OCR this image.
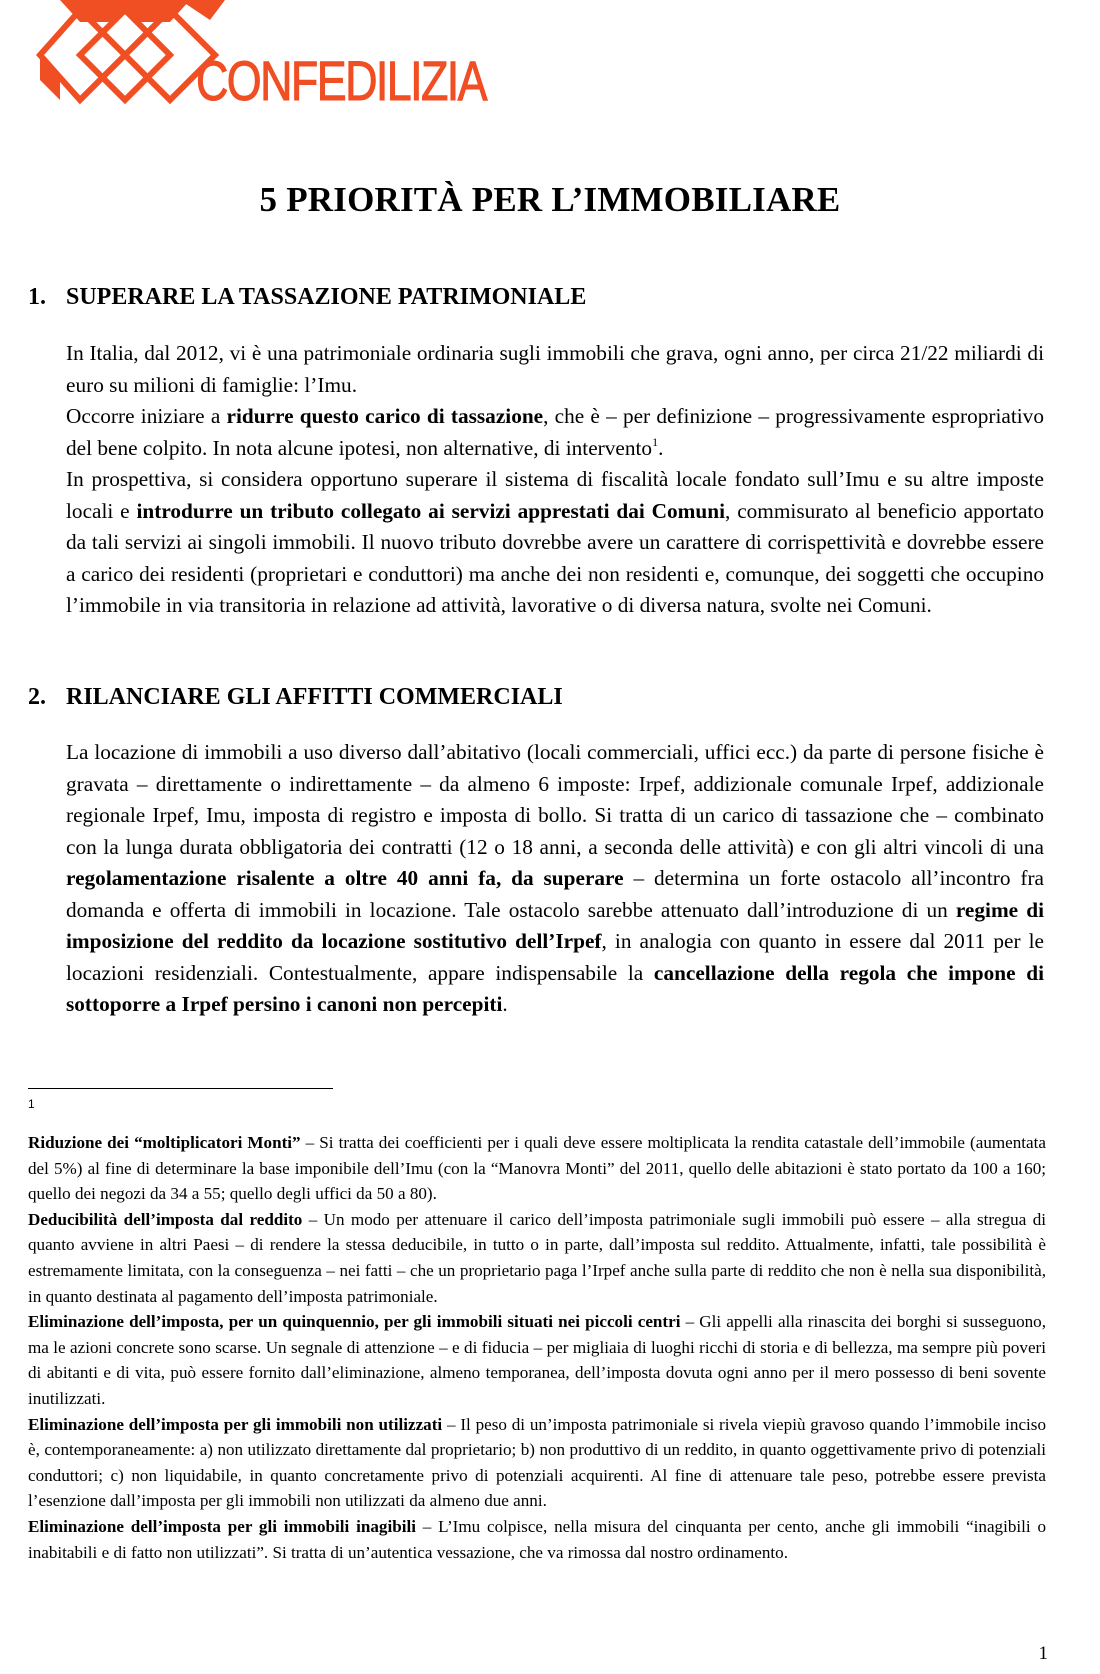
CONFEDILIZIA
5 PRIORITÀ PER L’IMMOBILIARE
1. SUPERARE LA TASSAZIONE PATRIMONIALE

In Italia, dal 2012, vi è una patrimoniale ordinaria sugli immobili che grava, ogni anno, per circa 21/22 miliardi di euro su milioni di famiglie: l’Imu.

Occorre iniziare a ridurre questo carico di tassazione, che è – per definizione – progressivamente espropriativo del bene colpito. In nota alcune ipotesi, non alternative, di intervento$^1$.

In prospettiva, si considera opportuno superare il sistema di fiscalità locale fondato sull’Imu e su altre imposte locali e introdurre un tributo collegato ai servizi apprestati dai Comuni, commisurato al beneficio apportato da tali servizi ai singoli immobili. Il nuovo tributo dovrebbe avere un carattere di corrispettività e dovrebbe essere a carico dei residenti (proprietari e conduttori) ma anche dei non residenti e, comunque, dei soggetti che occupino l’immobile in via transitoria in relazione ad attività, lavorative o di diversa natura, svolte nei Comuni.

2. RILANCIARE GLI AFFITTI COMMERCIALI

La locazione di immobili a uso diverso dall’abitativo (locali commerciali, uffici ecc.) da parte di persone fisiche è gravata – direttamente o indirettamente – da almeno 6 imposte: Irpef, addizionale comunale Irpef, addizionale regionale Irpef, Imu, imposta di registro e imposta di bollo. Si tratta di un carico di tassazione che – combinato con la lunga durata obbligatoria dei contratti (12 o 18 anni, a seconda delle attività) e con gli altri vincoli di una regolamentazione risalente a oltre 40 anni fa, da superare – determina un forte ostacolo all’incontro fra domanda e offerta di immobili in locazione. Tale ostacolo sarebbe attenuato dall’introduzione di un regime di imposizione del reddito da locazione sostitutivo dell’Irpef, in analogia con quanto in essere dal 2011 per le locazioni residenziali. Contestualmente, appare indispensabile la cancellazione della regola che impone di sottoporre a Irpef persino i canoni non percepiti.

1

Riduzione dei “moltiplicatori Monti” – Si tratta dei coefficienti per i quali deve essere moltiplicata la rendita catastale dell’immobile (aumentata del 5%) al fine di determinare la base imponibile dell’Imu (con la “Manovra Monti” del 2011, quello delle abitazioni è stato portato da 100 a 160; quello dei negozi da 34 a 55; quello degli uffici da 50 a 80).

Deducibilità dell’imposta dal reddito – Un modo per attenuare il carico dell’imposta patrimoniale sugli immobili può essere – alla stregua di quanto avviene in altri Paesi – di rendere la stessa deducibile, in tutto o in parte, dall’imposta sul reddito. Attualmente, infatti, tale possibilità è estremamente limitata, con la conseguenza – nei fatti – che un proprietario paga l’Irpef anche sulla parte di reddito che non è nella sua disponibilità, in quanto destinata al pagamento dell’imposta patrimoniale.

Eliminazione dell’imposta, per un quinquennio, per gli immobili situati nei piccoli centri – Gli appelli alla rinascita dei borghi si susseguono, ma le azioni concrete sono scarse. Un segnale di attenzione – e di fiducia – per migliaia di luoghi ricchi di storia e di bellezza, ma sempre più poveri di abitanti e di vita, può essere fornito dall’eliminazione, almeno temporanea, dell’imposta dovuta ogni anno per il mero possesso di beni sovente inutilizzati.

Eliminazione dell’imposta per gli immobili non utilizzati – Il peso di un’imposta patrimoniale si rivela viepiù gravoso quando l’immobile inciso è, contemporaneamente: a) non utilizzato direttamente dal proprietario; b) non produttivo di un reddito, in quanto oggettivamente privo di potenziali conduttori; c) non liquidabile, in quanto concretamente privo di potenziali acquirenti. Al fine di attenuare tale peso, potrebbe essere prevista l’esenzione dall’imposta per gli immobili non utilizzati da almeno due anni.

Eliminazione dell’imposta per gli immobili inagibili – L’Imu colpisce, nella misura del cinquanta per cento, anche gli immobili “inagibili o inabitabili e di fatto non utilizzati”. Si tratta di un’autentica vessazione, che va rimossa dal nostro ordinamento.

1
